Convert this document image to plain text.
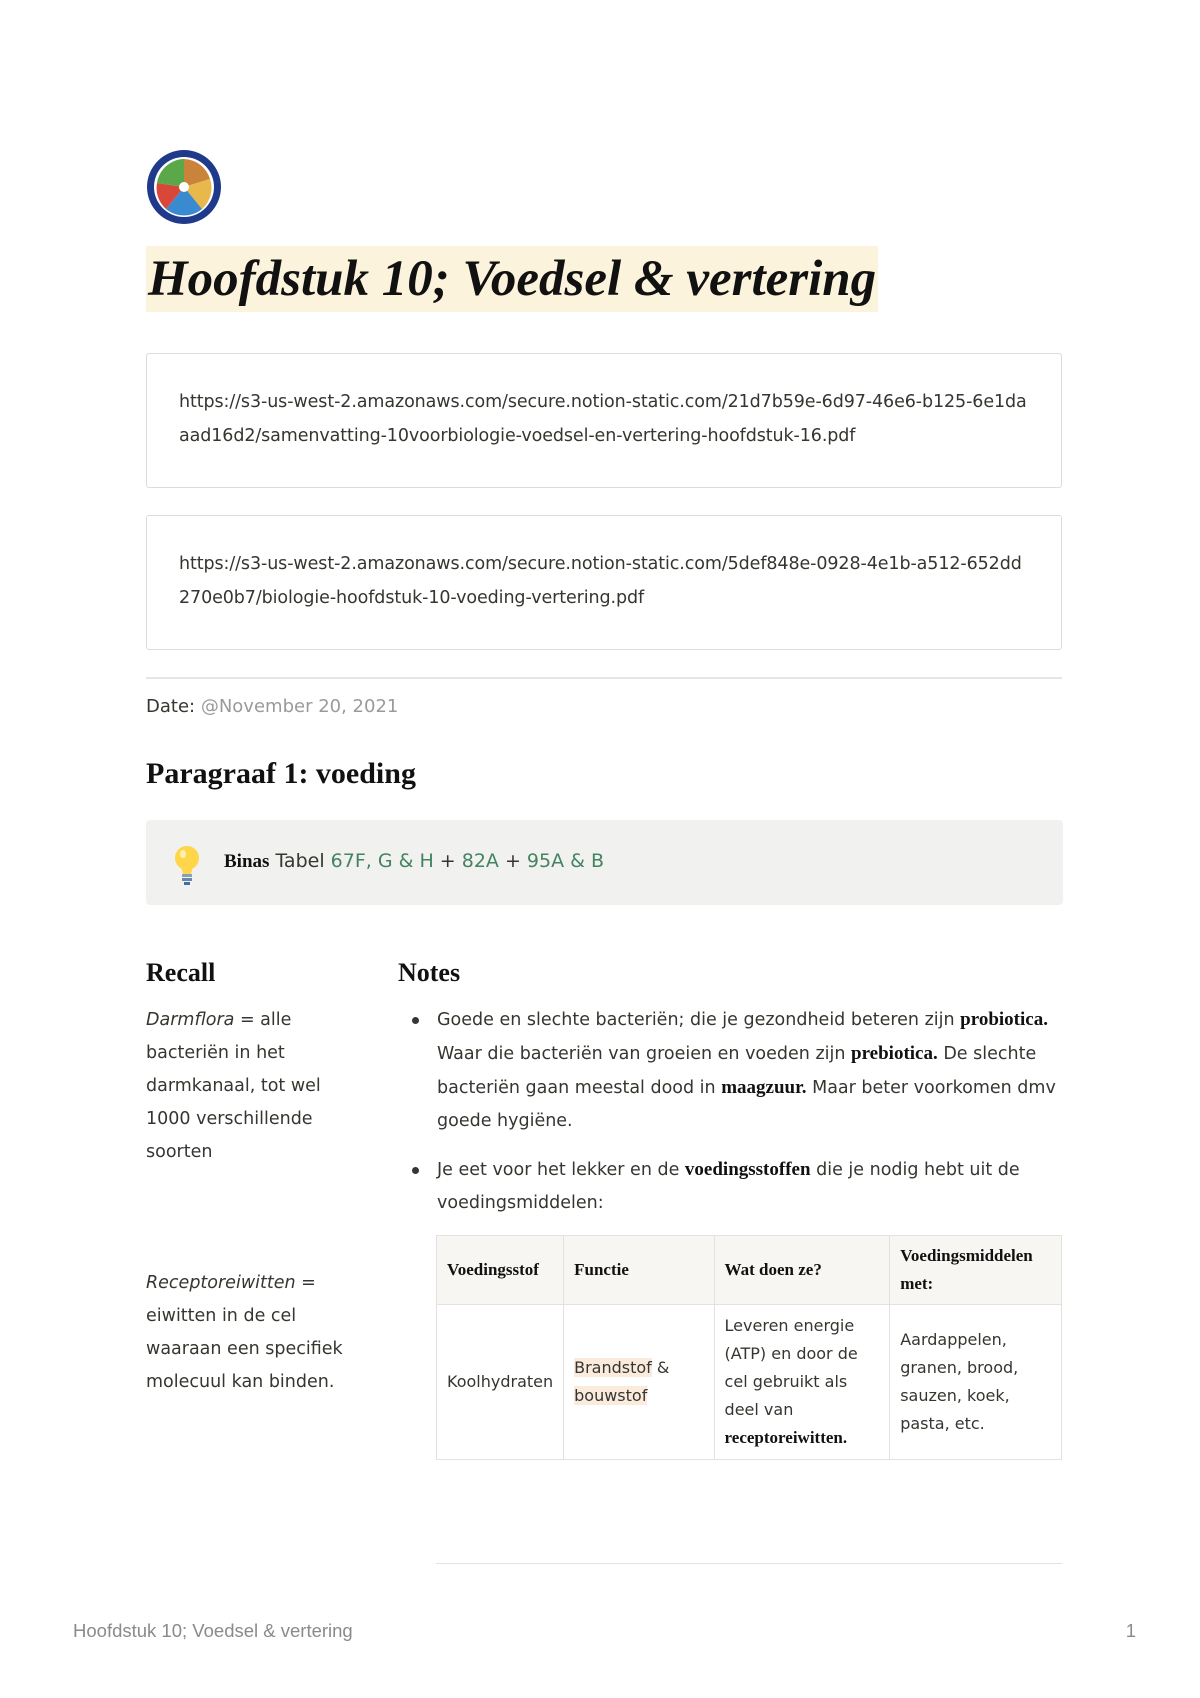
Hoofdstuk 10; Voedsel & vertering
https://s3-us-west-2.amazonaws.com/secure.notion-static.com/21d7b59e-6d97-46e6-b125-6e1daaad16d2/samenvatting-10voorbiologie-voedsel-en-vertering-hoofdstuk-16.pdf
https://s3-us-west-2.amazonaws.com/secure.notion-static.com/5def848e-0928-4e1b-a512-652dd270e0b7/biologie-hoofdstuk-10-voeding-vertering.pdf
Date: @November 20, 2021
Paragraaf 1: voeding
Binas Tabel 67F, G & H + 82A + 95A & B
Recall	Notes
Darmflora = alle bacteriën in het darmkanaal, tot wel 1000 verschillende soorten
Receptoreiwitten = eiwitten in de cel waaraan een specifiek molecuul kan binden.
Goede en slechte bacteriën; die je gezondheid beteren zijn probiotica. Waar die bacteriën van groeien en voeden zijn prebiotica. De slechte bacteriën gaan meestal dood in maagzuur. Maar beter voorkomen dmv goede hygiëne.
Je eet voor het lekker en de voedingsstoffen die je nodig hebt uit de voedingsmiddelen:
Voedingsstof	Functie	Wat doen ze?	Voedingsmiddelen met:
Koolhydraten	Brandstof & bouwstof	Leveren energie (ATP) en door de cel gebruikt als deel van receptoreiwitten.	Aardappelen, granen, brood, sauzen, koek, pasta, etc.
Hoofdstuk 10; Voedsel & vertering	1
